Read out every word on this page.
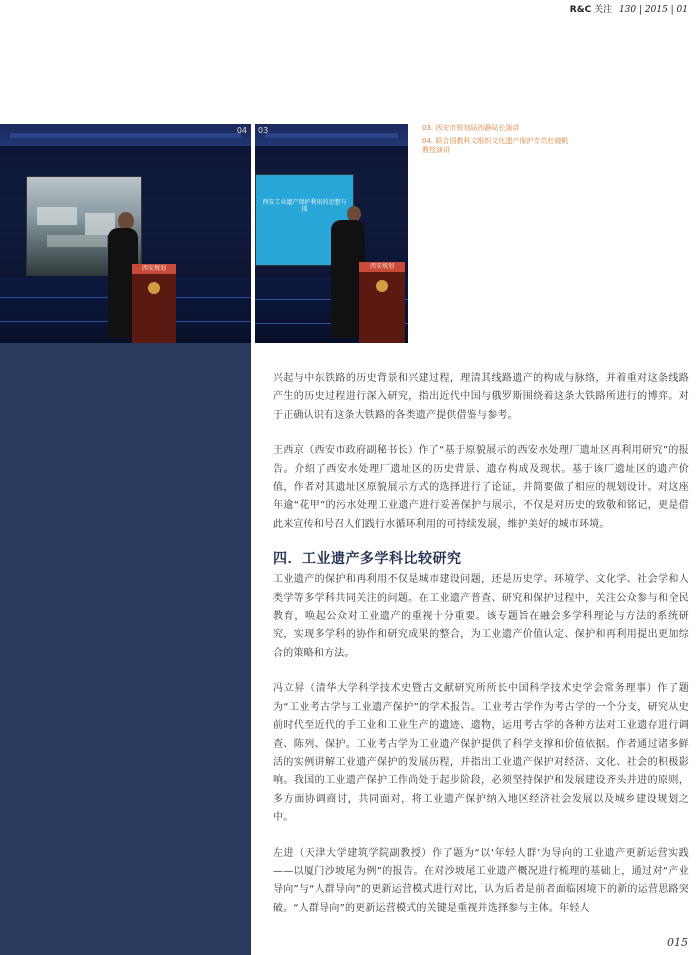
R&C 关注 130 | 2015 | 01
西安规划
04
西安工业遗产保护利用的思想与探
西安规划
03	03. 西安市规划局西静局长演讲
04. 联合国教科文组织文化遗产保护专员杜晓帆教授演讲

兴起与中东铁路的历史背景和兴建过程，理清其线路遗产的构成与脉络，并着重对这条线路产生的历史过程进行深入研究，指出近代中国与俄罗斯围绕着这条大铁路所进行的博弈。对于正确认识有这条大铁路的各类遗产提供借鉴与参考。

王西京（西安市政府副秘书长）作了“基于原貌展示的西安水处理厂遗址区再利用研究”的报告。介绍了西安水处理厂遗址区的历史背景、遗存构成及现状。基于该厂遗址区的遗产价值，作者对其遗址区原貌展示方式的选择进行了论证，并简要做了相应的规划设计。对这座年逾“花甲”的污水处理工业遗产进行妥善保护与展示，不仅是对历史的致敬和铭记，更是借此来宣传和号召人们践行水循环利用的可持续发展，维护美好的城市环境。

四．工业遗产多学科比较研究

工业遗产的保护和再利用不仅是城市建设问题，还是历史学、环境学、文化学、社会学和人类学等多学科共同关注的问题。在工业遗产普查、研究和保护过程中，关注公众参与和全民教育，唤起公众对工业遗产的重视十分重要。该专题旨在融会多学科理论与方法的系统研究，实现多学科的协作和研究成果的整合，为工业遗产价值认定、保护和再利用提出更加综合的策略和方法。

冯立昇（清华大学科学技术史暨古文献研究所所长中国科学技术史学会常务理事）作了题为“工业考古学与工业遗产保护”的学术报告。工业考古学作为考古学的一个分支，研究从史前时代至近代的手工业和工业生产的遗迹、遗物，运用考古学的各种方法对工业遗存进行调查、陈列、保护。工业考古学为工业遗产保护提供了科学支撑和价值依据。作者通过诸多鲜活的实例讲解工业遗产保护的发展历程，并指出工业遗产保护对经济、文化、社会的积极影响。我国的工业遗产保护工作尚处于起步阶段，必须坚持保护和发展建设齐头并进的原则，多方面协调商讨，共同面对，将工业遗产保护纳入地区经济社会发展以及城乡建设规划之中。

左进（天津大学建筑学院副教授）作了题为“以‘年轻人群’为导向的工业遗产更新运营实践——以厦门沙坡尾为例”的报告。在对沙坡尾工业遗产概况进行梳理的基础上，通过对“产业导向”与“人群导向”的更新运营模式进行对比，认为后者是前者面临困境下的新的运营思路突破。“人群导向”的更新运营模式的关键是重视并选择参与主体。年轻人

015
